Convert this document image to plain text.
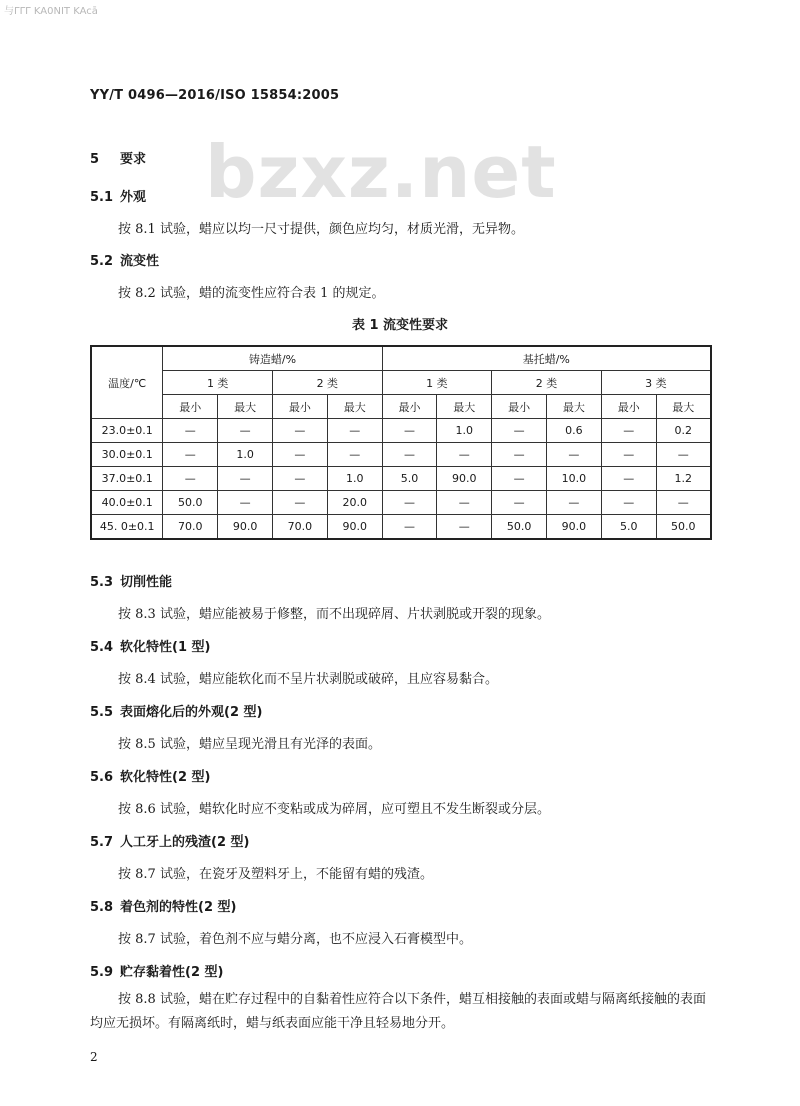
与ΓΓΓ KA0NIT KAcā
YY/T 0496—2016/ISO 15854:2005
bzxz.net
5 要求
5.1 外观
按 8.1 试验，蜡应以均一尺寸提供，颜色应均匀，材质光滑，无异物。
5.2 流变性
按 8.2 试验，蜡的流变性应符合表 1 的规定。
表 1 流变性要求
温度/℃	铸造蜡/%				基托蜡/%					
	1 类		2 类		1 类		2 类		3 类	
	最小	最大	最小	最大	最小	最大	最小	最大	最小	最大
23.0±0.1	—	—	—	—	—	1.0	—	0.6	—	0.2
30.0±0.1	—	1.0	—	—	—	—	—	—	—	—
37.0±0.1	—	—	—	1.0	5.0	90.0	—	10.0	—	1.2
40.0±0.1	50.0	—	—	20.0	—	—	—	—	—	—
45. 0±0.1	70.0	90.0	70.0	90.0	—	—	50.0	90.0	5.0	50.0
5.3 切削性能
按 8.3 试验，蜡应能被易于修整，而不出现碎屑、片状剥脱或开裂的现象。
5.4 软化特性(1 型)
按 8.4 试验，蜡应能软化而不呈片状剥脱或破碎，且应容易黏合。
5.5 表面熔化后的外观(2 型)
按 8.5 试验，蜡应呈现光滑且有光泽的表面。
5.6 软化特性(2 型)
按 8.6 试验，蜡软化时应不变粘或成为碎屑，应可塑且不发生断裂或分层。
5.7 人工牙上的残渣(2 型)
按 8.7 试验，在瓷牙及塑料牙上，不能留有蜡的残渣。
5.8 着色剂的特性(2 型)
按 8.7 试验，着色剂不应与蜡分离，也不应浸入石膏模型中。
5.9 贮存黏着性(2 型)
按 8.8 试验，蜡在贮存过程中的自黏着性应符合以下条件，蜡互相接触的表面或蜡与隔离纸接触的表面均应无损坏。有隔离纸时，蜡与纸表面应能干净且轻易地分开。
2
